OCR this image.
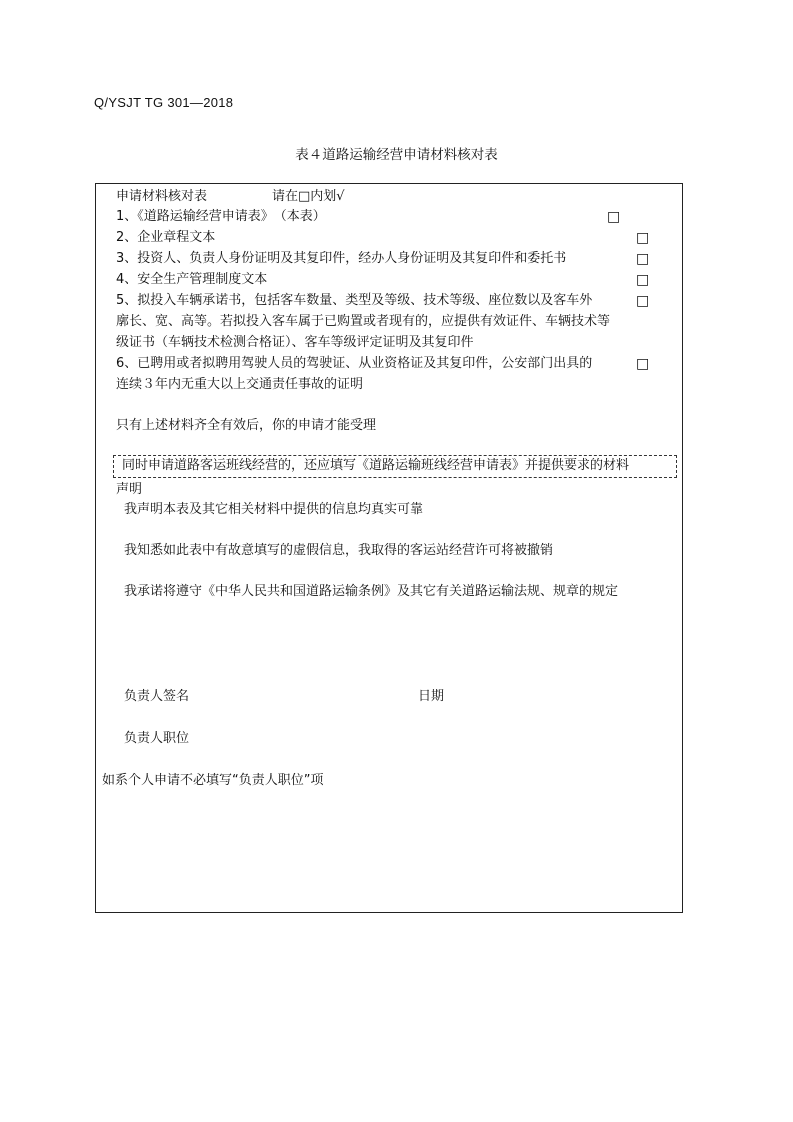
Q/YSJT TG 301—2018
表４道路运输经营申请材料核对表
申请材料核对表	请在□内划√
1、《道路运输经营申请表》　（本表）	□
2、企业章程文本	□
3、投资人、负责人身份证明及其复印件，经办人身份证明及其复印件和委托书	□
4、安全生产管理制度文本	□
5、拟投入车辆承诺书，包括客车数量、类型及等级、技术等级、座位数以及客车外	□
廓长、宽、高等。若拟投入客车属于已购置或者现有的，应提供有效证件、车辆技术等
级证书（车辆技术检测合格证）、客车等级评定证明及其复印件
6、已聘用或者拟聘用驾驶人员的驾驶证、从业资格证及其复印件，公安部门出具的	□
连续３年内无重大以上交通责任事故的证明
只有上述材料齐全有效后，你的申请才能受理
同时申请道路客运班线经营的，还应填写《道路运输班线经营申请表》并提供要求的材料
声明
我声明本表及其它相关材料中提供的信息均真实可靠
我知悉如此表中有故意填写的虚假信息，我取得的客运站经营许可将被撤销
我承诺将遵守《中华人民共和国道路运输条例》及其它有关道路运输法规、规章的规定
负责人签名	日期
负责人职位
如系个人申请不必填写“负责人职位”项
